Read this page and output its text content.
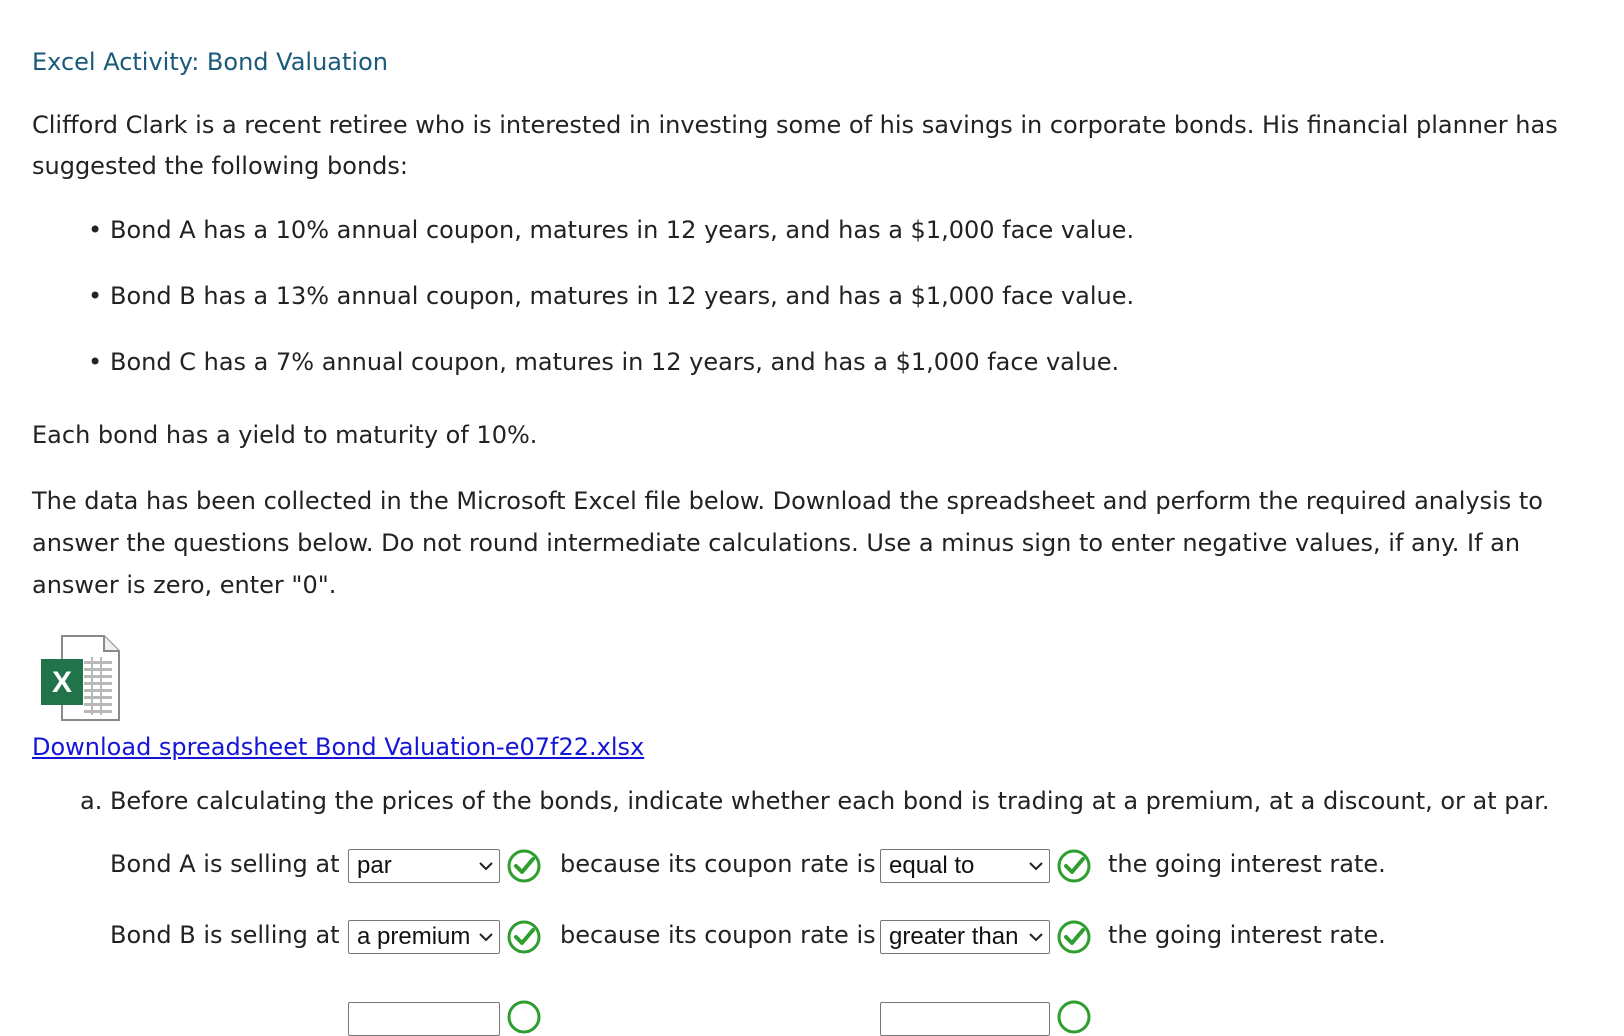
Excel Activity: Bond Valuation
Clifford Clark is a recent retiree who is interested in investing some of his savings in corporate bonds. His financial planner has
suggested the following bonds:
• Bond A has a 10% annual coupon, matures in 12 years, and has a $1,000 face value.
• Bond B has a 13% annual coupon, matures in 12 years, and has a $1,000 face value.
• Bond C has a 7% annual coupon, matures in 12 years, and has a $1,000 face value.
Each bond has a yield to maturity of 10%.
The data has been collected in the Microsoft Excel file below. Download the spreadsheet and perform the required analysis to
answer the questions below. Do not round intermediate calculations. Use a minus sign to enter negative values, if any. If an
answer is zero, enter "0".
X
Download spreadsheet Bond Valuation-e07f22.xlsx
a. Before calculating the prices of the bonds, indicate whether each bond is trading at a premium, at a discount, or at par.
Bond A is selling at par	because its coupon rate is equal to	the going interest rate.
Bond B is selling at a premium	because its coupon rate is greater than	the going interest rate.
